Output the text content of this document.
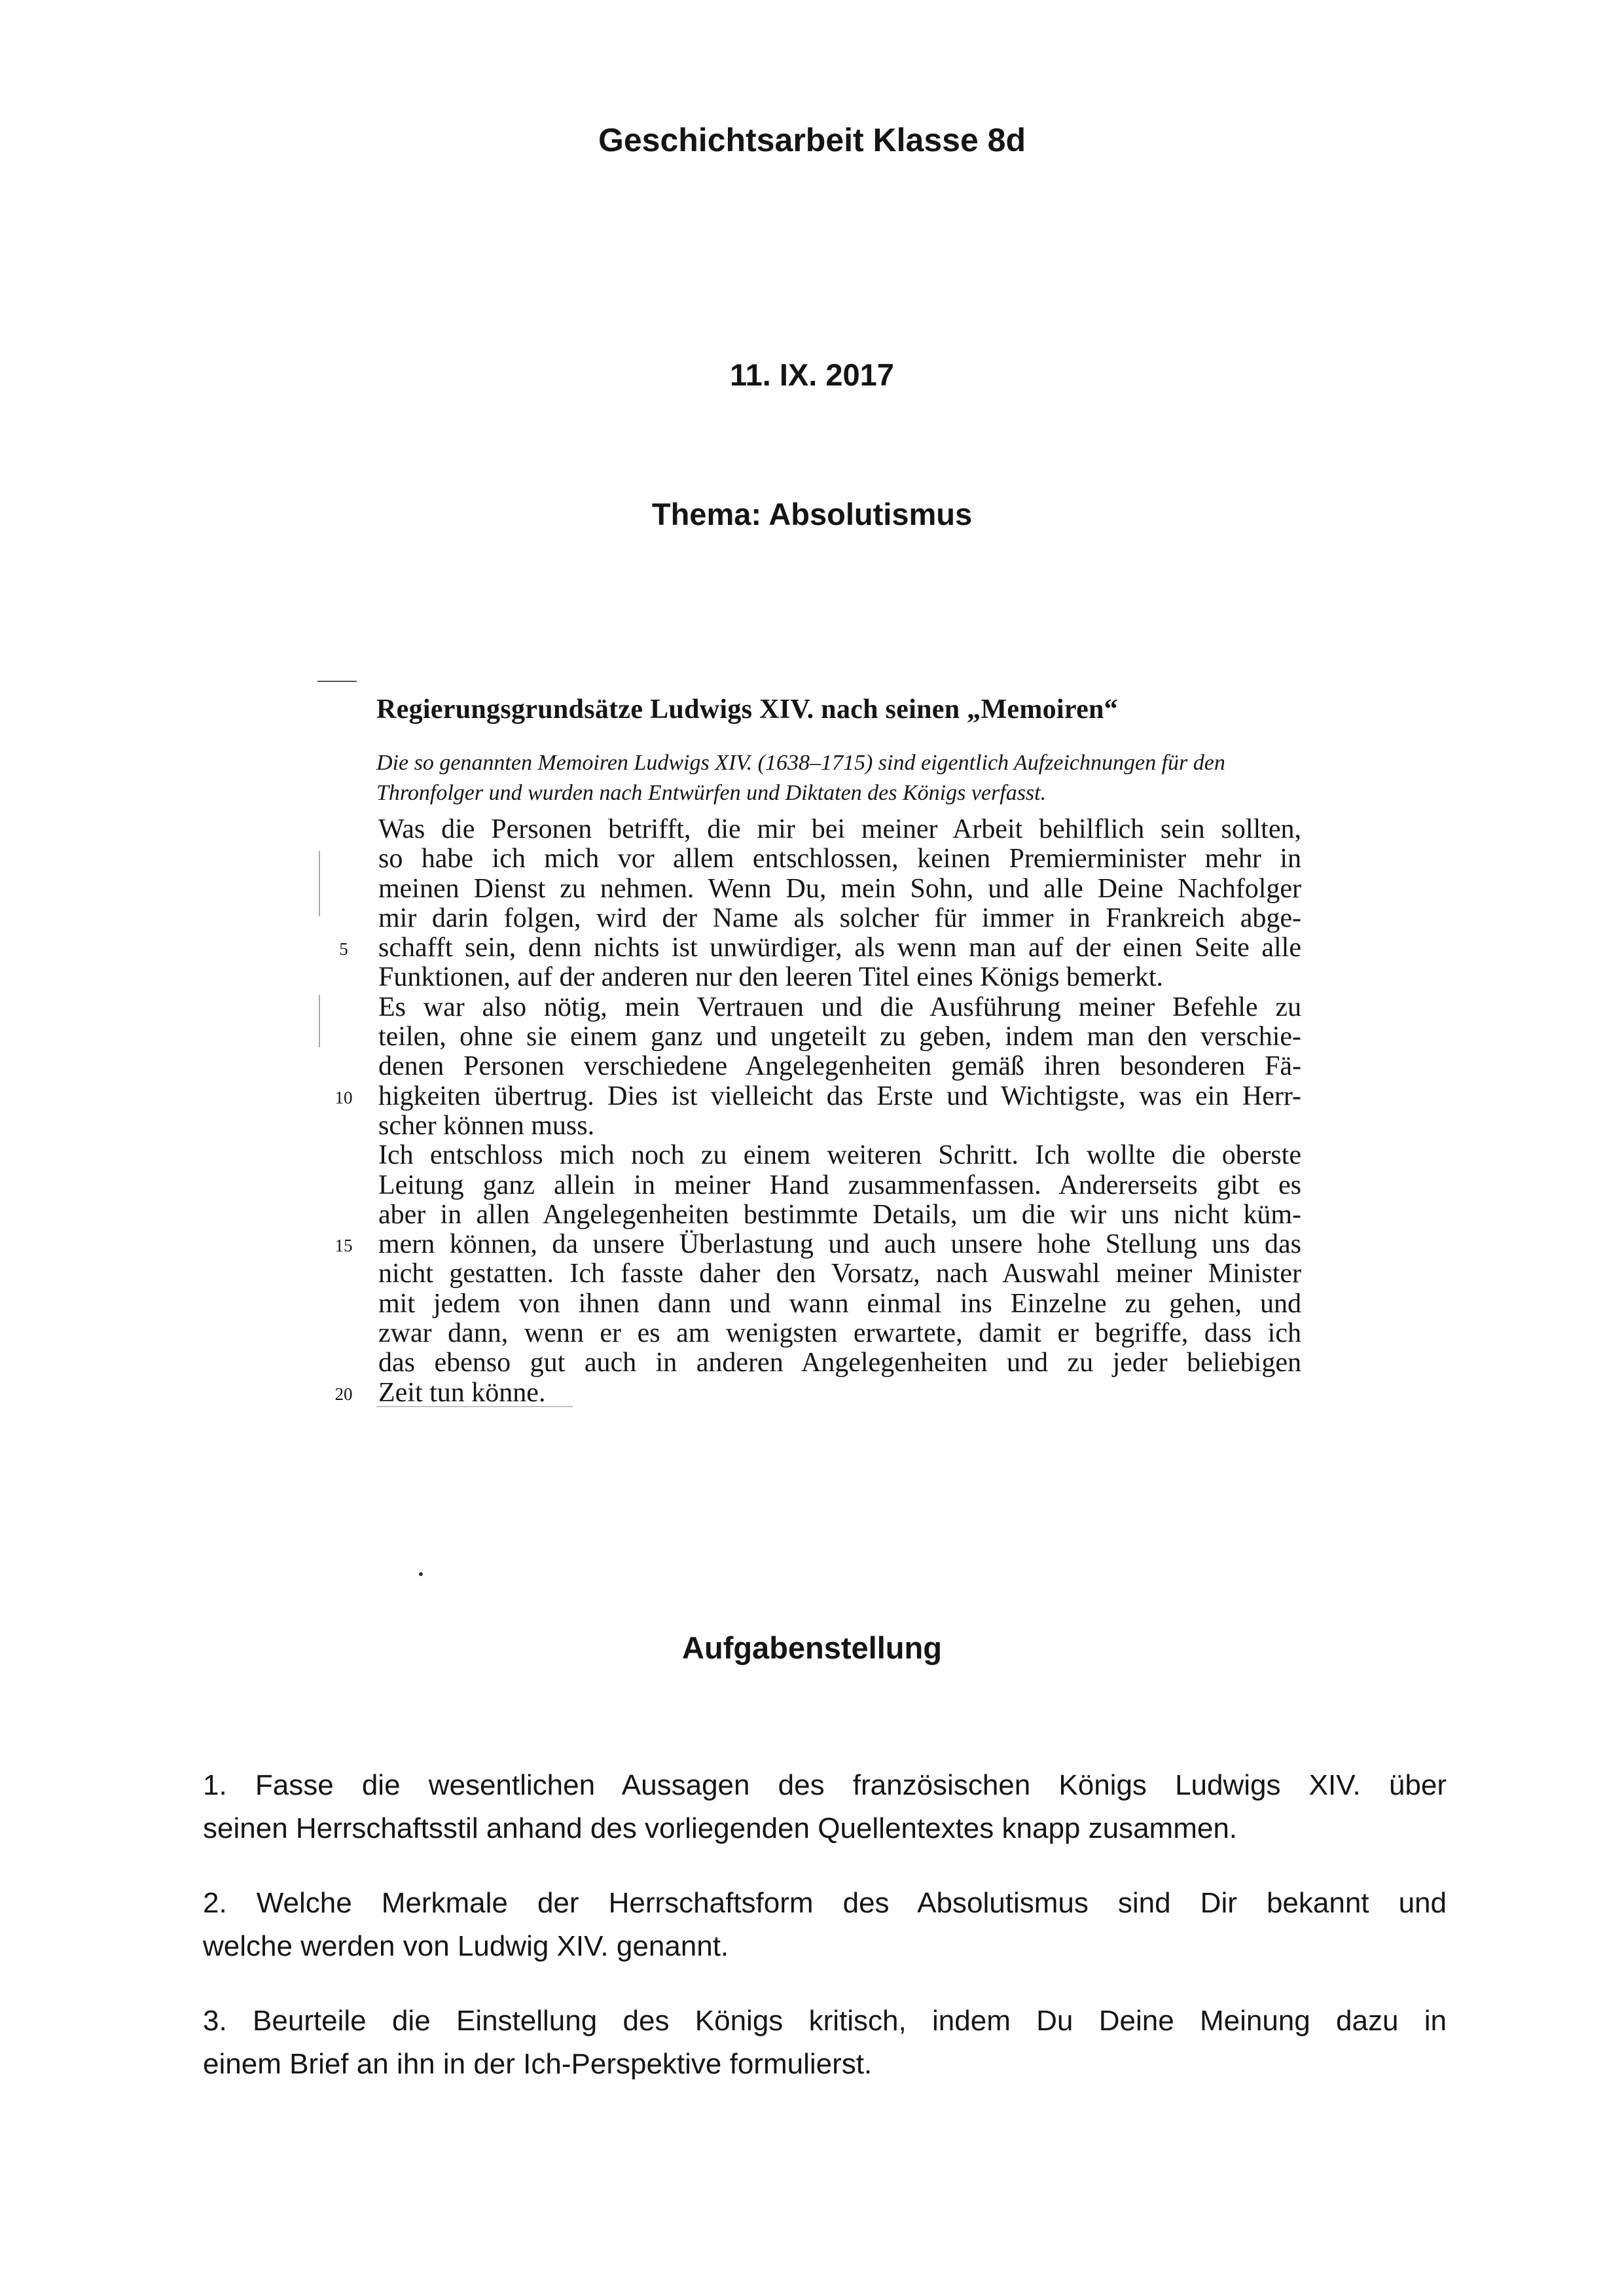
Geschichtsarbeit Klasse 8d
11. IX. 2017
Thema: Absolutismus
Regierungsgrundsätze Ludwigs XIV. nach seinen „Memoiren“
Die so genannten Memoiren Ludwigs XIV. (1638–1715) sind eigentlich Aufzeichnungen für den Thronfolger und wurden nach Entwürfen und Diktaten des Königs verfasst.
Was die Personen betrifft, die mir bei meiner Arbeit behilflich sein sollten,
so habe ich mich vor allem entschlossen, keinen Premierminister mehr in
meinen Dienst zu nehmen. Wenn Du, mein Sohn, und alle Deine Nachfolger
mir darin folgen, wird der Name als solcher für immer in Frankreich abge-
schafft sein, denn nichts ist unwürdiger, als wenn man auf der einen Seite alle
Funktionen, auf der anderen nur den leeren Titel eines Königs bemerkt.
Es war also nötig, mein Vertrauen und die Ausführung meiner Befehle zu
teilen, ohne sie einem ganz und ungeteilt zu geben, indem man den verschie-
denen Personen verschiedene Angelegenheiten gemäß ihren besonderen Fä-
higkeiten übertrug. Dies ist vielleicht das Erste und Wichtigste, was ein Herr-
scher können muss.
Ich entschloss mich noch zu einem weiteren Schritt. Ich wollte die oberste
Leitung ganz allein in meiner Hand zusammenfassen. Andererseits gibt es
aber in allen Angelegenheiten bestimmte Details, um die wir uns nicht küm-
mern können, da unsere Überlastung und auch unsere hohe Stellung uns das
nicht gestatten. Ich fasste daher den Vorsatz, nach Auswahl meiner Minister
mit jedem von ihnen dann und wann einmal ins Einzelne zu gehen, und
zwar dann, wenn er es am wenigsten erwartete, damit er begriffe, dass ich
das ebenso gut auch in anderen Angelegenheiten und zu jeder beliebigen
Zeit tun könne.
5
10
15
20
Aufgabenstellung
1. Fasse die wesentlichen Aussagen des französischen Königs Ludwigs XIV. über
seinen Herrschaftsstil anhand des vorliegenden Quellentextes knapp zusammen.
2. Welche Merkmale der Herrschaftsform des Absolutismus sind Dir bekannt und
welche werden von Ludwig XIV. genannt.
3. Beurteile die Einstellung des Königs kritisch, indem Du Deine Meinung dazu in
einem Brief an ihn in der Ich-Perspektive formulierst.
